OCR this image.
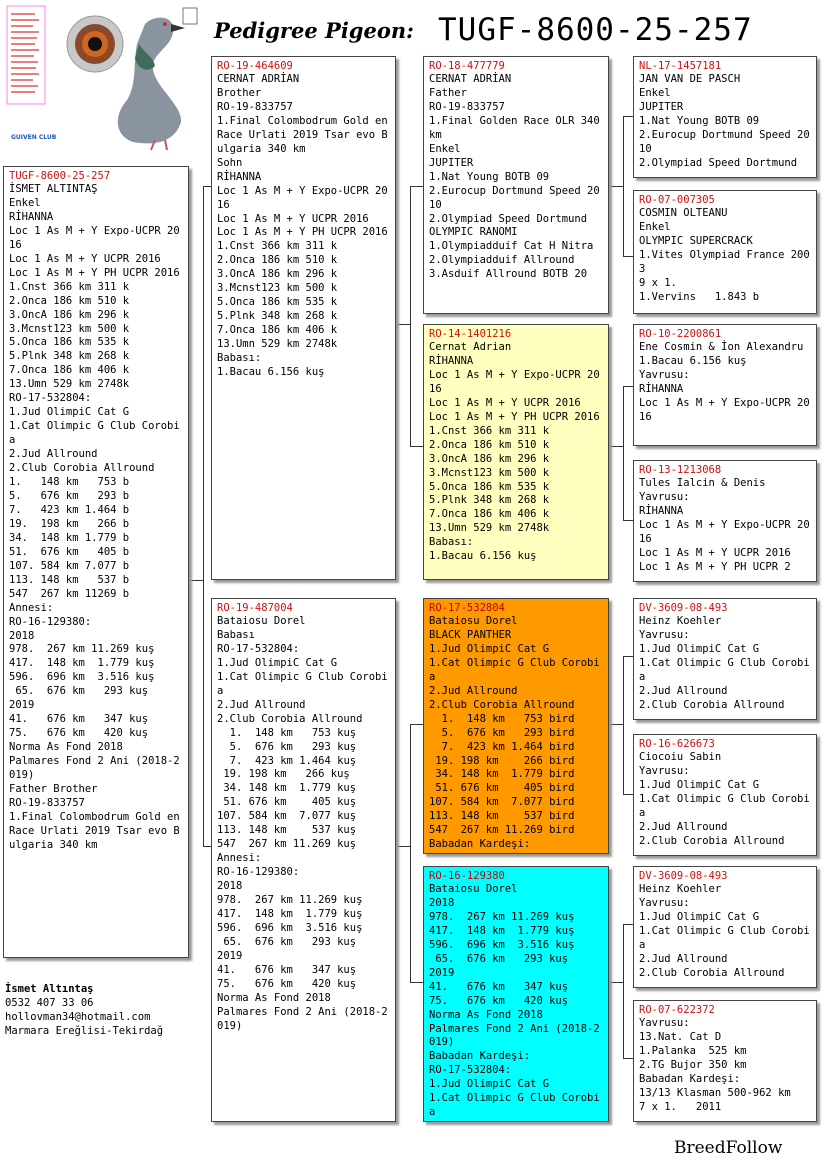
GUIVEN CLUB
Pedigree Pigeon: TUGF-8600-25-257
TUGF-8600-25-257
İSMET ALTINTAŞ
Enkel
RİHANNA
Loc 1 As M + Y Expo-UCPR 2016
Loc 1 As M + Y UCPR 2016
Loc 1 As M + Y PH UCPR 2016
1.Cnst 366 km 311 k
2.Onca 186 km 510 k
3.OncA 186 km 296 k
3.Mcnst123 km 500 k
5.Onca 186 km 535 k
5.Plnk 348 km 268 k
7.Onca 186 km 406 k
13.Umn 529 km 2748k
RO-17-532804:
1.Jud OlimpiC Cat G
1.Cat Olimpic G Club Corobia
2.Jud Allround
2.Club Corobia Allround
1.   148 km   753 b
5.   676 km   293 b
7.   423 km 1.464 b
19.  198 km   266 b
34.  148 km 1.779 b
51.  676 km   405 b
107. 584 km 7.077 b
113. 148 km   537 b
547  267 km 11269 b
Annesi:
RO-16-129380:
2018
978.  267 km 11.269 kuş
417.  148 km  1.779 kuş
596.  696 km  3.516 kuş
65.  676 km   293 kuş
2019
41.   676 km   347 kuş
75.   676 km   420 kuş
Norma As Fond 2018
Palmares Fond 2 Ani (2018-2019)
Father Brother
RO-19-833757
1.Final Colombodrum Gold en Race Urlati 2019 Tsar evo Bulgaria 340 km
RO-19-464609
CERNAT ADRİAN
Brother
RO-19-833757
1.Final Colombodrum Gold en Race Urlati 2019 Tsar evo Bulgaria 340 km
Sohn
RİHANNA
Loc 1 As M + Y Expo-UCPR 2016
Loc 1 As M + Y UCPR 2016
Loc 1 As M + Y PH UCPR 2016
1.Cnst 366 km 311 k
2.Onca 186 km 510 k
3.OncA 186 km 296 k
3.Mcnst123 km 500 k
5.Onca 186 km 535 k
5.Plnk 348 km 268 k
7.Onca 186 km 406 k
13.Umn 529 km 2748k
Babası:
1.Bacau 6.156 kuş
RO-19-487004
Bataiosu Dorel
Babası
RO-17-532804:
1.Jud OlimpiC Cat G
1.Cat Olimpic G Club Corobia
2.Jud Allround
2.Club Corobia Allround
1.  148 km   753 kuş
5.  676 km   293 kuş
7.  423 km 1.464 kuş
19. 198 km   266 kuş
34. 148 km  1.779 kuş
51. 676 km    405 kuş
107. 584 km  7.077 kuş
113. 148 km    537 kuş
547  267 km 11.269 kuş
Annesi:
RO-16-129380:
2018
978.  267 km 11.269 kuş
417.  148 km  1.779 kuş
596.  696 km  3.516 kuş
65.  676 km   293 kuş
2019
41.   676 km   347 kuş
75.   676 km   420 kuş
Norma As Fond 2018
Palmares Fond 2 Ani (2018-2019)
RO-18-477779
CERNAT ADRİAN
Father
RO-19-833757
1.Final Golden Race OLR 340 km
Enkel
JUPITER
1.Nat Young BOTB 09
2.Eurocup Dortmund Speed 2010
2.Olympiad Speed Dortmund
OLYMPIC RANOMI
1.Olympiadduif Cat H Nitra
2.Olympiadduif Allround
3.Asduif Allround BOTB 20
RO-14-1401216
Cernat Adrian
RİHANNA
Loc 1 As M + Y Expo-UCPR 2016
Loc 1 As M + Y UCPR 2016
Loc 1 As M + Y PH UCPR 2016
1.Cnst 366 km 311 k
2.Onca 186 km 510 k
3.OncA 186 km 296 k
3.Mcnst123 km 500 k
5.Onca 186 km 535 k
5.Plnk 348 km 268 k
7.Onca 186 km 406 k
13.Umn 529 km 2748k
Babası:
1.Bacau 6.156 kuş
RO-17-532804
Bataiosu Dorel
BLACK PANTHER
1.Jud OlimpiC Cat G
1.Cat Olimpic G Club Corobia
2.Jud Allround
2.Club Corobia Allround
1.  148 km   753 bird
5.  676 km   293 bird
7.  423 km 1.464 bird
19. 198 km    266 bird
34. 148 km  1.779 bird
51. 676 km    405 bird
107. 584 km  7.077 bird
113. 148 km    537 bird
547  267 km 11.269 bird
Babadan Kardeşi:
RO-16-129380
Bataiosu Dorel
2018
978.  267 km 11.269 kuş
417.  148 km  1.779 kuş
596.  696 km  3.516 kuş
65.  676 km   293 kuş
2019
41.   676 km   347 kuş
75.   676 km   420 kuş
Norma As Fond 2018
Palmares Fond 2 Ani (2018-2019)
Babadan Kardeşi:
RO-17-532804:
1.Jud OlimpiC Cat G
1.Cat Olimpic G Club Corobia
NL-17-1457181
JAN VAN DE PASCH
Enkel
JUPITER
1.Nat Young BOTB 09
2.Eurocup Dortmund Speed 2010
2.Olympiad Speed Dortmund
RO-07-007305
COSMIN OLTEANU
Enkel
OLYMPIC SUPERCRACK
1.Vites Olympiad France 2003
9 x 1.
1.Vervins   1.843 b
RO-10-2200861
Ene Cosmin & İon Alexandru
1.Bacau 6.156 kuş
Yavrusu:
RİHANNA
Loc 1 As M + Y Expo-UCPR 2016
RO-13-1213068
Tules Ialcin & Denis
Yavrusu:
RİHANNA
Loc 1 As M + Y Expo-UCPR 2016
Loc 1 As M + Y UCPR 2016
Loc 1 As M + Y PH UCPR 2
DV-3609-08-493
Heinz Koehler
Yavrusu:
1.Jud OlimpiC Cat G
1.Cat Olimpic G Club Corobia
2.Jud Allround
2.Club Corobia Allround
RO-16-626673
Ciocoiu Sabin
Yavrusu:
1.Jud OlimpiC Cat G
1.Cat Olimpic G Club Corobia
2.Jud Allround
2.Club Corobia Allround
DV-3609-08-493
Heinz Koehler
Yavrusu:
1.Jud OlimpiC Cat G
1.Cat Olimpic G Club Corobia
2.Jud Allround
2.Club Corobia Allround
RO-07-622372
Yavrusu:
13.Nat. Cat D
1.Palanka  525 km
2.TG Bujor 350 km
Babadan Kardeşi:
13/13 Klasman 500-962 km
7 x 1.   2011
İsmet Altıntaş
0532 407 33 06
hollovman34@hotmail.com
Marmara Ereğlisi-Tekirdağ
BreedFollow
